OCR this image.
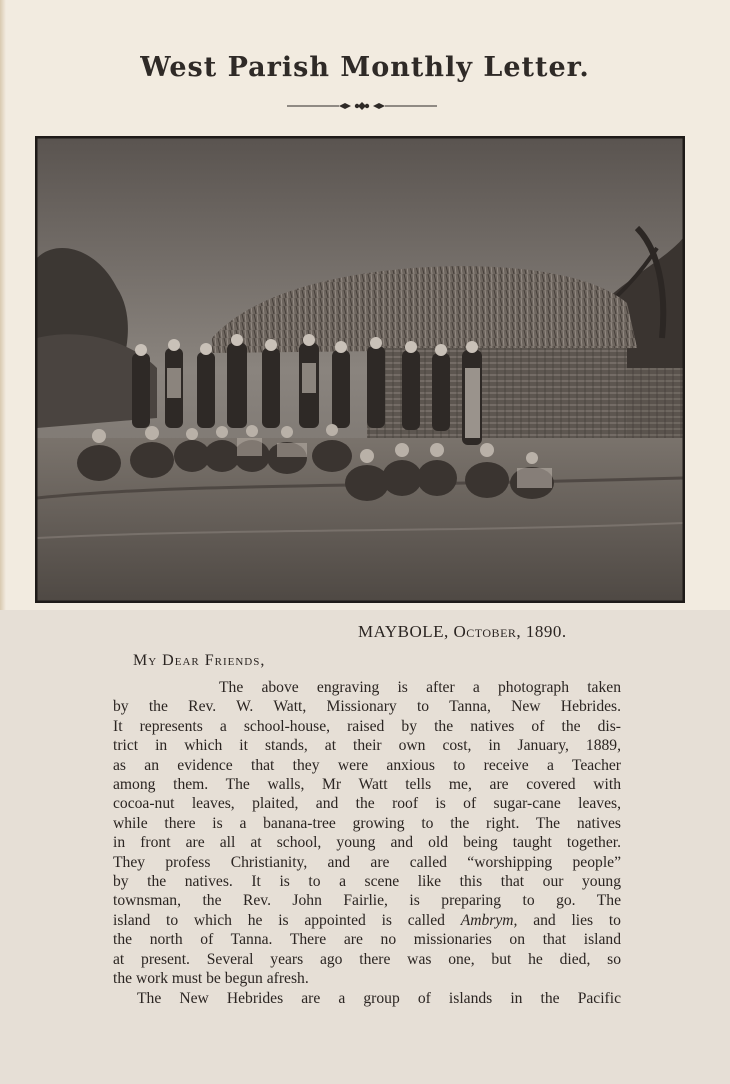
West Parish Monthly Letter.
MAYBOLE, October, 1890.
My Dear Friends,
The above engraving is after a photograph taken
by the Rev. W. Watt, Missionary to Tanna, New Hebrides.
It represents a school-house, raised by the natives of the dis-
trict in which it stands, at their own cost, in January, 1889,
as an evidence that they were anxious to receive a Teacher
among them. The walls, Mr Watt tells me, are covered with
cocoa-nut leaves, plaited, and the roof is of sugar-cane leaves,
while there is a banana-tree growing to the right. The natives
in front are all at school, young and old being taught together.
They profess Christianity, and are called “worshipping people”
by the natives. It is to a scene like this that our young
townsman, the Rev. John Fairlie, is preparing to go. The
island to which he is appointed is called Ambrym, and lies to
the north of Tanna. There are no missionaries on that island
at present. Several years ago there was one, but he died, so
the work must be begun afresh.
The New Hebrides are a group of islands in the Pacific
